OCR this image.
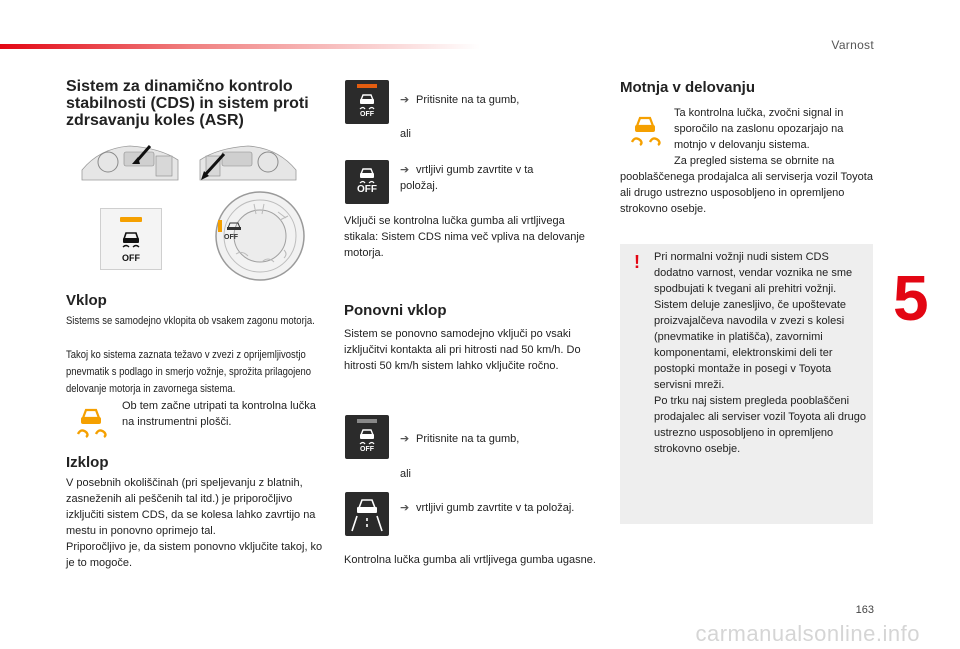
Varnost
5
163
carmanualsonline.info
Sistem za dinamično kontrolo stabilnosti (CDS) in sistem proti zdrsavanju koles (ASR)
OFF
OFF
Vklop
Sistems se samodejno vklopita ob vsakem zagonu motorja.
Takoj ko sistema zaznata težavo v zvezi z oprijemljivostjo pnevmatik s podlago in smerjo vožnje, sprožita prilagojeno delovanje motorja in zavornega sistema.
Ob tem začne utripati ta kontrolna lučka na instrumentni plošči.
Izklop
V posebnih okoliščinah (pri speljevanju z blatnih, zasneženih ali peščenih tal itd.) je priporočljivo izključiti sistem CDS, da se kolesa lahko zavrtijo na mestu in ponovno oprimejo tal.
Priporočljivo je, da sistem ponovno vključite takoj, ko je to mogoče.
OFF
➔ Pritisnite na ta gumb,
ali
OFF
➔ vrtljivi gumb zavrtite v ta položaj.
Vključi se kontrolna lučka gumba ali vrtljivega stikala: Sistem CDS nima več vpliva na delovanje motorja.
Ponovni vklop
Sistem se ponovno samodejno vključi po vsaki izključitvi kontakta ali pri hitrosti nad 50 km/h. Do hitrosti 50 km/h sistem lahko vključite ročno.
OFF
➔ Pritisnite na ta gumb,
ali
➔ vrtljivi gumb zavrtite v ta položaj.
Kontrolna lučka gumba ali vrtljivega gumba ugasne.
Motnja v delovanju
Ta kontrolna lučka, zvočni signal in
sporočilo na zaslonu opozarjajo na
motnjo v delovanju sistema.
Za pregled sistema se obrnite na
pooblaščenega prodajalca ali serviserja vozil Toyota ali drugo ustrezno usposobljeno in opremljeno strokovno osebje.
! Pri normalni vožnji nudi sistem CDS dodatno varnost, vendar voznika ne sme spodbujati k tvegani ali prehitri vožnji.
Sistem deluje zanesljivo, če upoštevate proizvajalčeva navodila v zvezi s kolesi (pnevmatike in platišča), zavornimi komponentami, elektronskimi deli ter postopki montaže in posegi v Toyota servisni mreži.
Po trku naj sistem pregleda pooblaščeni prodajalec ali serviser vozil Toyota ali drugo ustrezno usposobljeno in opremljeno strokovno osebje.
